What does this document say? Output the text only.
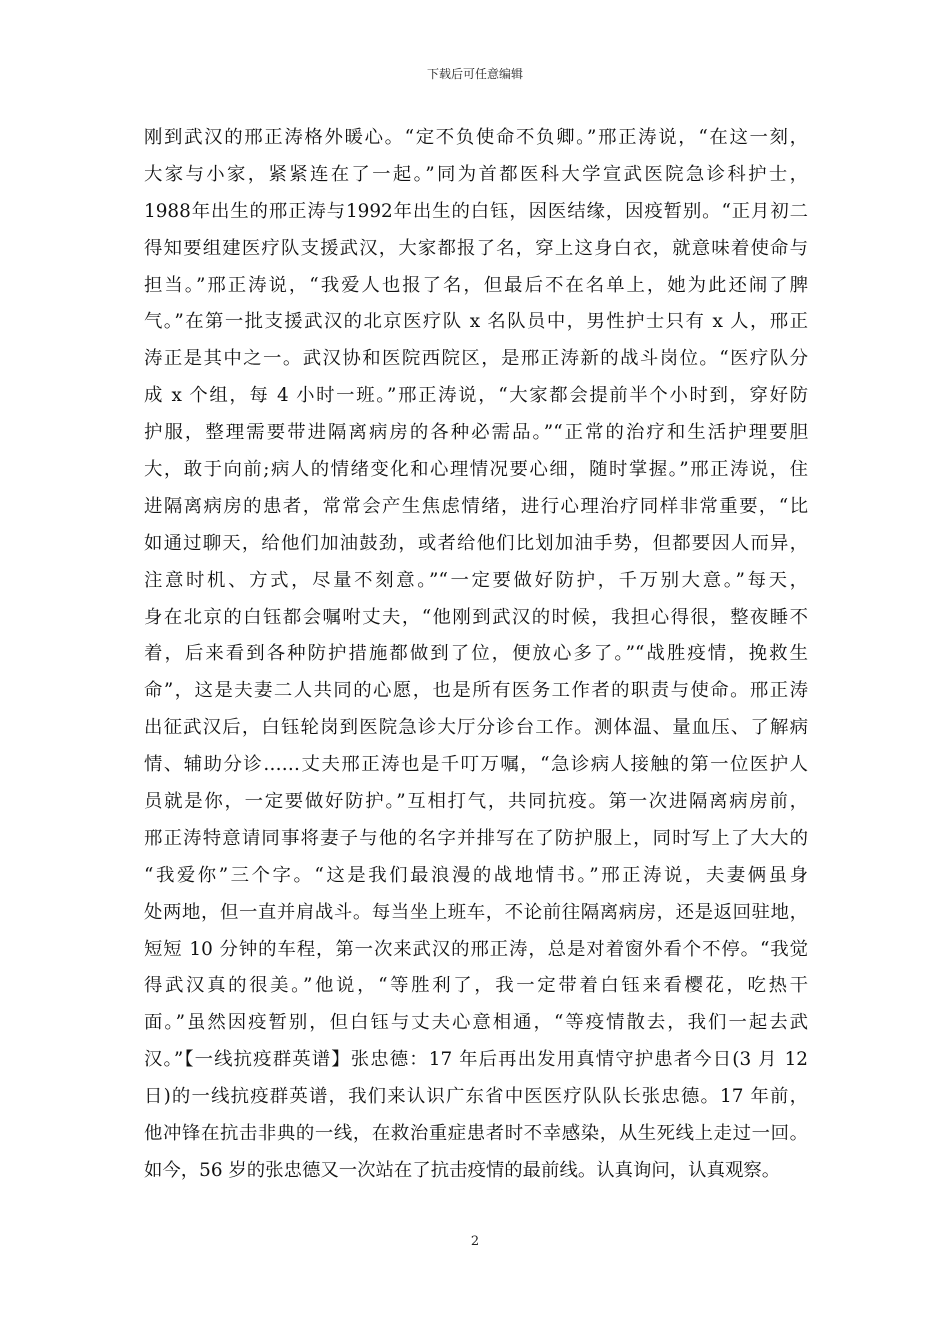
下载后可任意编辑
刚到武汉的邢正涛格外暖心。“定不负使命不负卿。”邢正涛说，“在这一刻，
大家与小家，紧紧连在了一起。”同为首都医科大学宣武医院急诊科护士，
1988年出生的邢正涛与1992年出生的白钰，因医结缘，因疫暂别。“正月初二
得知要组建医疗队支援武汉，大家都报了名，穿上这身白衣，就意味着使命与
担当。”邢正涛说，“我爱人也报了名，但最后不在名单上，她为此还闹了脾
气。”在第一批支援武汉的北京医疗队 x 名队员中，男性护士只有 x 人，邢正
涛正是其中之一。武汉协和医院西院区，是邢正涛新的战斗岗位。“医疗队分
成 x 个组，每 4 小时一班。”邢正涛说，“大家都会提前半个小时到，穿好防
护服，整理需要带进隔离病房的各种必需品。”“正常的治疗和生活护理要胆
大，敢于向前;病人的情绪变化和心理情况要心细，随时掌握。”邢正涛说，住
进隔离病房的患者，常常会产生焦虑情绪，进行心理治疗同样非常重要，“比
如通过聊天，给他们加油鼓劲，或者给他们比划加油手势，但都要因人而异，
注意时机、方式，尽量不刻意。”“一定要做好防护，千万别大意。”每天，
身在北京的白钰都会嘱咐丈夫，“他刚到武汉的时候，我担心得很，整夜睡不
着，后来看到各种防护措施都做到了位，便放心多了。”“战胜疫情，挽救生
命”，这是夫妻二人共同的心愿，也是所有医务工作者的职责与使命。邢正涛
出征武汉后，白钰轮岗到医院急诊大厅分诊台工作。测体温、量血压、了解病
情、辅助分诊……丈夫邢正涛也是千叮万嘱，“急诊病人接触的第一位医护人
员就是你，一定要做好防护。”互相打气，共同抗疫。第一次进隔离病房前，
邢正涛特意请同事将妻子与他的名字并排写在了防护服上，同时写上了大大的
“我爱你”三个字。“这是我们最浪漫的战地情书。”邢正涛说，夫妻俩虽身
处两地，但一直并肩战斗。每当坐上班车，不论前往隔离病房，还是返回驻地，
短短 10 分钟的车程，第一次来武汉的邢正涛，总是对着窗外看个不停。“我觉
得武汉真的很美。”他说，“等胜利了，我一定带着白钰来看樱花，吃热干
面。”虽然因疫暂别，但白钰与丈夫心意相通，“等疫情散去，我们一起去武
汉。”【一线抗疫群英谱】张忠德：17 年后再出发用真情守护患者今日(3 月 12
日)的一线抗疫群英谱，我们来认识广东省中医医疗队队长张忠德。17 年前，
他冲锋在抗击非典的一线，在救治重症患者时不幸感染，从生死线上走过一回。
如今，56 岁的张忠德又一次站在了抗击疫情的最前线。认真询问，认真观察。
2
